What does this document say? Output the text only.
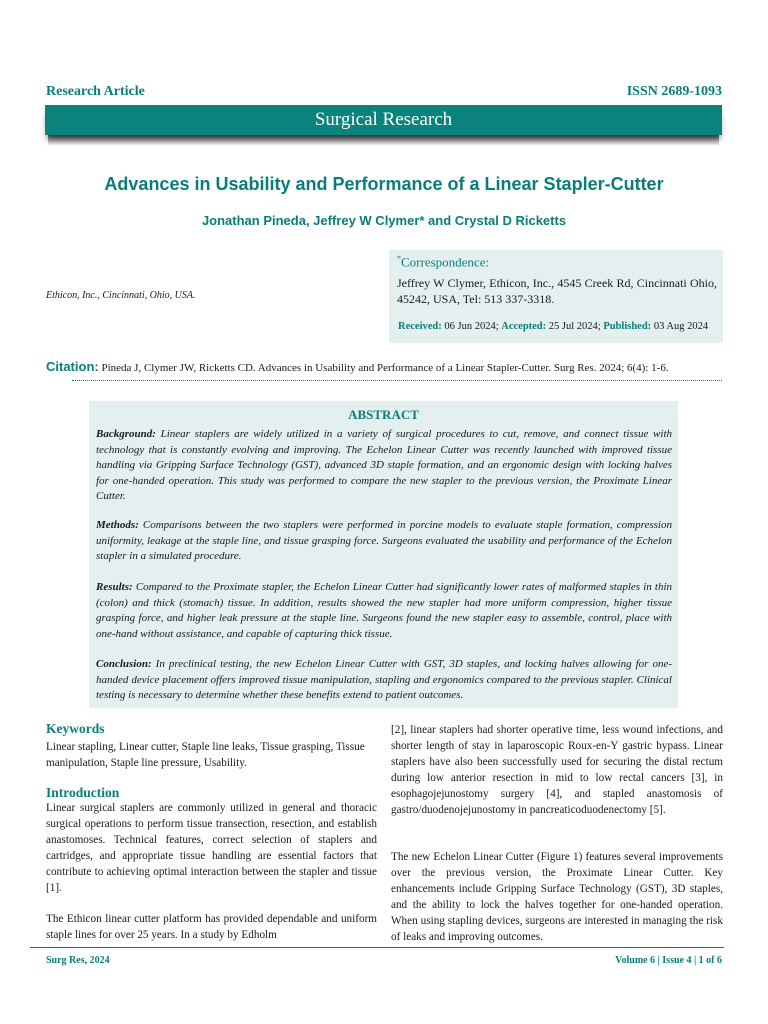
Research Article	ISSN 2689-1093
Surgical Research
Advances in Usability and Performance of a Linear Stapler-Cutter
Jonathan Pineda, Jeffrey W Clymer* and Crystal D Ricketts
Ethicon, Inc., Cincinnati, Ohio, USA.
*Correspondence:
Jeffrey W Clymer, Ethicon, Inc., 4545 Creek Rd, Cincinnati Ohio, 45242, USA, Tel: 513 337-3318.
Received: 06 Jun 2024; Accepted: 25 Jul 2024; Published: 03 Aug 2024
Citation: Pineda J, Clymer JW, Ricketts CD. Advances in Usability and Performance of a Linear Stapler-Cutter. Surg Res. 2024; 6(4): 1-6.
ABSTRACT

Background: Linear staplers are widely utilized in a variety of surgical procedures to cut, remove, and connect tissue with technology that is constantly evolving and improving. The Echelon Linear Cutter was recently launched with improved tissue handling via Gripping Surface Technology (GST), advanced 3D staple formation, and an ergonomic design with locking halves for one-handed operation. This study was performed to compare the new stapler to the previous version, the Proximate Linear Cutter.

Methods: Comparisons between the two staplers were performed in porcine models to evaluate staple formation, compression uniformity, leakage at the staple line, and tissue grasping force. Surgeons evaluated the usability and performance of the Echelon stapler in a simulated procedure.

Results: Compared to the Proximate stapler, the Echelon Linear Cutter had significantly lower rates of malformed staples in thin (colon) and thick (stomach) tissue. In addition, results showed the new stapler had more uniform compression, higher tissue grasping force, and higher leak pressure at the staple line. Surgeons found the new stapler easy to assemble, control, place with one-hand without assistance, and capable of capturing thick tissue.

Conclusion: In preclinical testing, the new Echelon Linear Cutter with GST, 3D staples, and locking halves allowing for one-handed device placement offers improved tissue manipulation, stapling and ergonomics compared to the previous stapler. Clinical testing is necessary to determine whether these benefits extend to patient outcomes.

Keywords

Linear stapling, Linear cutter, Staple line leaks, Tissue grasping, Tissue manipulation, Staple line pressure, Usability.

Introduction

Linear surgical staplers are commonly utilized in general and thoracic surgical operations to perform tissue transection, resection, and establish anastomoses. Technical features, correct selection of staplers and cartridges, and appropriate tissue handling are essential factors that contribute to achieving optimal interaction between the stapler and tissue [1].

The Ethicon linear cutter platform has provided dependable and uniform staple lines for over 25 years. In a study by Edholm

[2], linear staplers had shorter operative time, less wound infections, and shorter length of stay in laparoscopic Roux-en-Y gastric bypass. Linear staplers have also been successfully used for securing the distal rectum during low anterior resection in mid to low rectal cancers [3], in esophagojejunostomy surgery [4], and stapled anastomosis of gastro/duodenojejunostomy in pancreaticoduodenectomy [5].

The new Echelon Linear Cutter (Figure 1) features several improvements over the previous version, the Proximate Linear Cutter. Key enhancements include Gripping Surface Technology (GST), 3D staples, and the ability to lock the halves together for one-handed operation. When using stapling devices, surgeons are interested in managing the risk of leaks and improving outcomes.

Surg Res, 2024	Volume 6 | Issue 4 | 1 of 6
